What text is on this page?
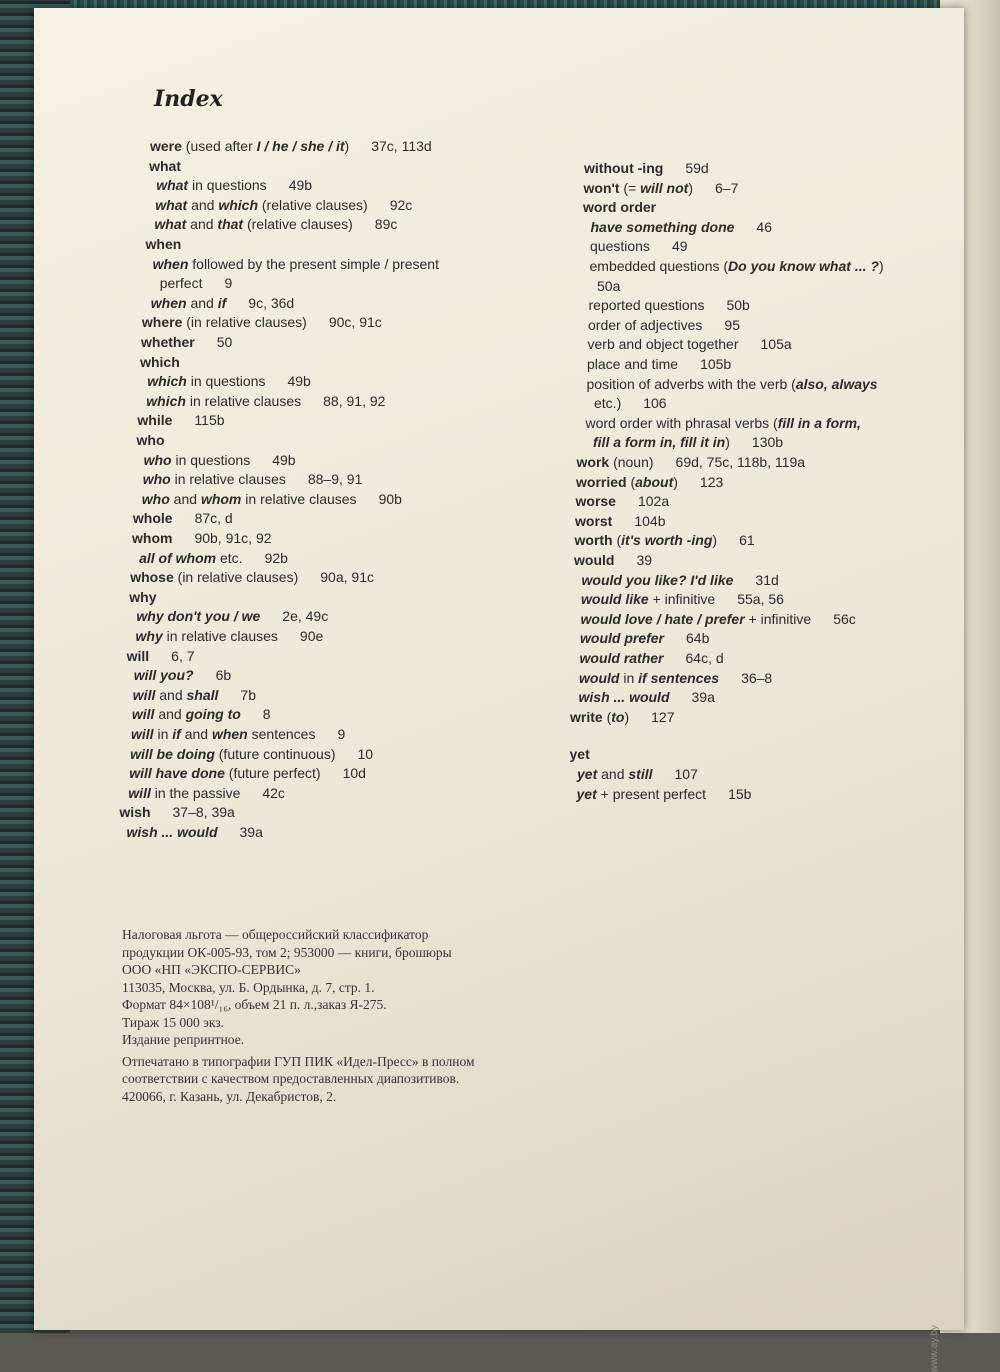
Index
were (used after I / he / she / it) 37c, 113d
what
what in questions 49b
what and which (relative clauses) 92c
what and that (relative clauses) 89c
when
when followed by the present simple / present
perfect 9
when and if 9c, 36d
where (in relative clauses) 90c, 91c
whether 50
which
which in questions 49b
which in relative clauses 88, 91, 92
while 115b
who
who in questions 49b
who in relative clauses 88–9, 91
who and whom in relative clauses 90b
whole 87c, d
whom 90b, 91c, 92
all of whom etc. 92b
whose (in relative clauses) 90a, 91c
why
why don't you / we 2e, 49c
why in relative clauses 90e
will 6, 7
will you? 6b
will and shall 7b
will and going to 8
will in if and when sentences 9
will be doing (future continuous) 10
will have done (future perfect) 10d
will in the passive 42c
wish 37–8, 39a
wish ... would 39a
without -ing 59d
won't (= will not) 6–7
word order
have something done 46
questions 49
embedded questions (Do you know what ... ?)
50a
reported questions 50b
order of adjectives 95
verb and object together 105a
place and time 105b
position of adverbs with the verb (also, always
etc.) 106
word order with phrasal verbs (fill in a form,
fill a form in, fill it in) 130b
work (noun) 69d, 75c, 118b, 119a
worried (about) 123
worse 102a
worst 104b
worth (it's worth -ing) 61
would 39
would you like? I'd like 31d
would like + infinitive 55a, 56
would love / hate / prefer + infinitive 56c
would prefer 64b
would rather 64c, d
would in if sentences 36–8
wish ... would 39a
write (to) 127
yet
yet and still 107
yet + present perfect 15b

Налоговая льгота — общероссийский классификатор

продукции ОК-005-93, том 2; 953000 — книги, брошюры

ООО «НП «ЭКСПО-СЕРВИС»

113035, Москва, ул. Б. Ордынка, д. 7, стр. 1.

Формат 84×108¹/₁₆, объем 21 п. л.,заказ Я-275.

Тираж 15 000 экз.

Издание репринтное.

Отпечатано в типографии ГУП ПИК «Идел-Пресс» в полном

соответствии с качеством предоставленных диапозитивов.

420066, г. Казань, ул. Декабристов, 2.

www.ay.by
